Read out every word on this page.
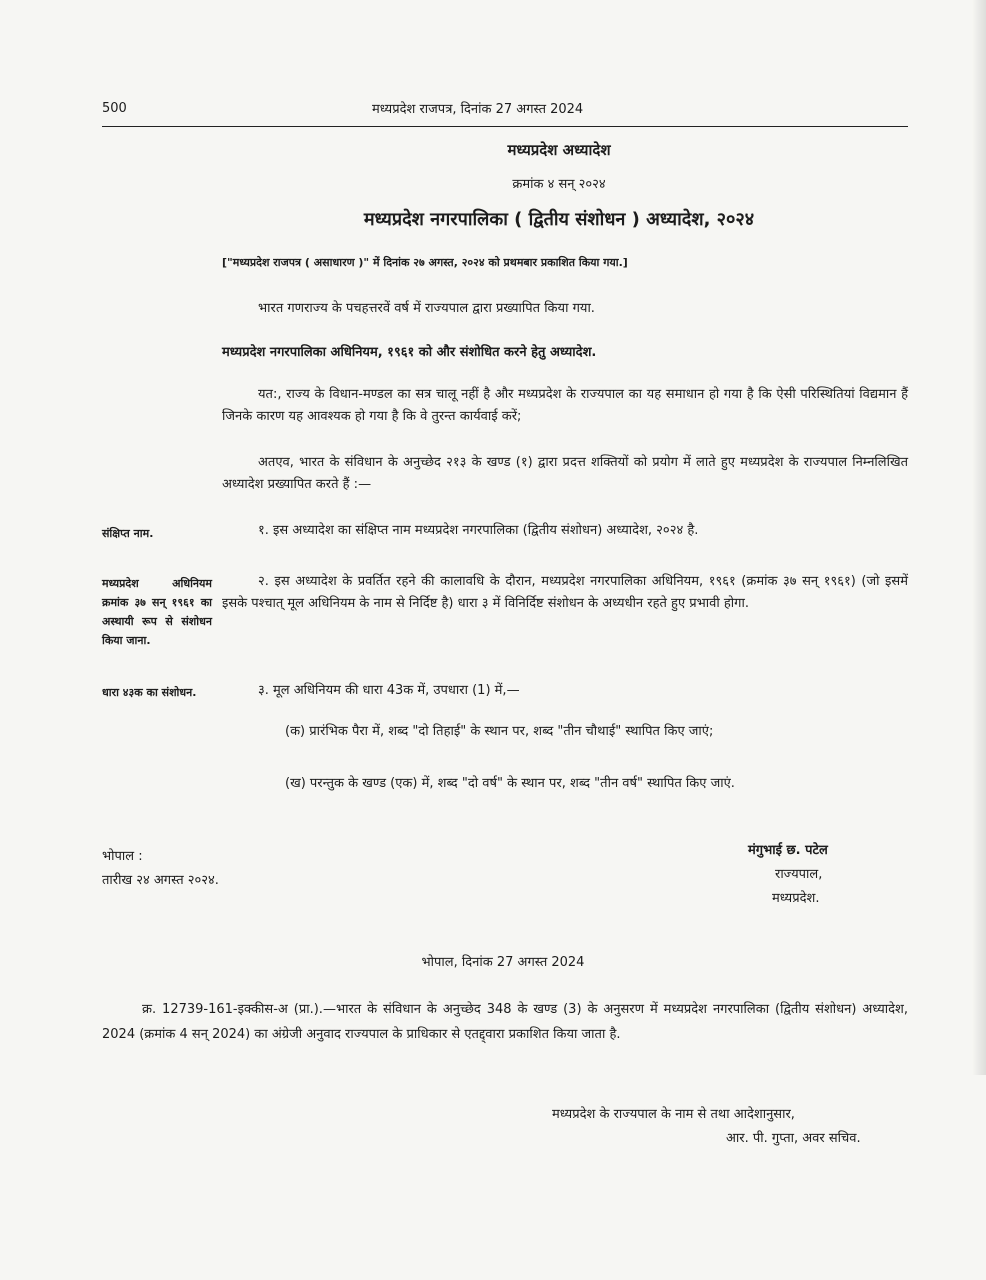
500	मध्यप्रदेश राजपत्र, दिनांक 27 अगस्त 2024
मध्यप्रदेश अध्यादेश
क्रमांक ४ सन् २०२४
मध्यप्रदेश नगरपालिका ( द्वितीय संशोधन ) अध्यादेश, २०२४
["मध्यप्रदेश राजपत्र ( असाधारण )" में दिनांक २७ अगस्त, २०२४ को प्रथमबार प्रकाशित किया गया.]
भारत गणराज्य के पचहत्तरवें वर्ष में राज्यपाल द्वारा प्रख्यापित किया गया.
मध्यप्रदेश नगरपालिका अधिनियम, १९६१ को और संशोधित करने हेतु अध्यादेश.
यत:, राज्य के विधान-मण्डल का सत्र चालू नहीं है और मध्यप्रदेश के राज्यपाल का यह समाधान हो गया है कि ऐसी परिस्थितियां विद्यमान हैं जिनके कारण यह आवश्यक हो गया है कि वे तुरन्त कार्यवाई करें;
अतएव, भारत के संविधान के अनुच्छेद २१३ के खण्ड (१) द्वारा प्रदत्त शक्तियों को प्रयोग में लाते हुए मध्यप्रदेश के राज्यपाल निम्नलिखित अध्यादेश प्रख्यापित करते हैं :—
संक्षिप्त नाम.	१. इस अध्यादेश का संक्षिप्त नाम मध्यप्रदेश नगरपालिका (द्वितीय संशोधन) अध्यादेश, २०२४ है.
मध्यप्रदेश अधिनियम क्रमांक ३७ सन् १९६१ का अस्थायी रूप से संशोधन किया जाना.
२. इस अध्यादेश के प्रवर्तित रहने की कालावधि के दौरान, मध्यप्रदेश नगरपालिका अधिनियम, १९६१ (क्रमांक ३७ सन् १९६१) (जो इसमें इसके पश्चात् मूल अधिनियम के नाम से निर्दिष्ट है) धारा ३ में विनिर्दिष्ट संशोधन के अध्यधीन रहते हुए प्रभावी होगा.
धारा ४३क का संशोधन.	३. मूल अधिनियम की धारा 43क में, उपधारा (1) में,—
(क) प्रारंभिक पैरा में, शब्द "दो तिहाई" के स्थान पर, शब्द "तीन चौथाई" स्थापित किए जाएं;
(ख) परन्तुक के खण्ड (एक) में, शब्द "दो वर्ष" के स्थान पर, शब्द "तीन वर्ष" स्थापित किए जाएं.
भोपाल :
तारीख २४ अगस्त २०२४.
मंगुभाई छ. पटेल
राज्यपाल,
मध्यप्रदेश.
भोपाल, दिनांक 27 अगस्त 2024
क्र. 12739-161-इक्कीस-अ (प्रा.).—भारत के संविधान के अनुच्छेद 348 के खण्ड (3) के अनुसरण में मध्यप्रदेश नगरपालिका (द्वितीय संशोधन) अध्यादेश, 2024 (क्रमांक 4 सन् 2024) का अंग्रेजी अनुवाद राज्यपाल के प्राधिकार से एतद्द्वारा प्रकाशित किया जाता है.
मध्यप्रदेश के राज्यपाल के नाम से तथा आदेशानुसार,
आर. पी. गुप्ता, अवर सचिव.
